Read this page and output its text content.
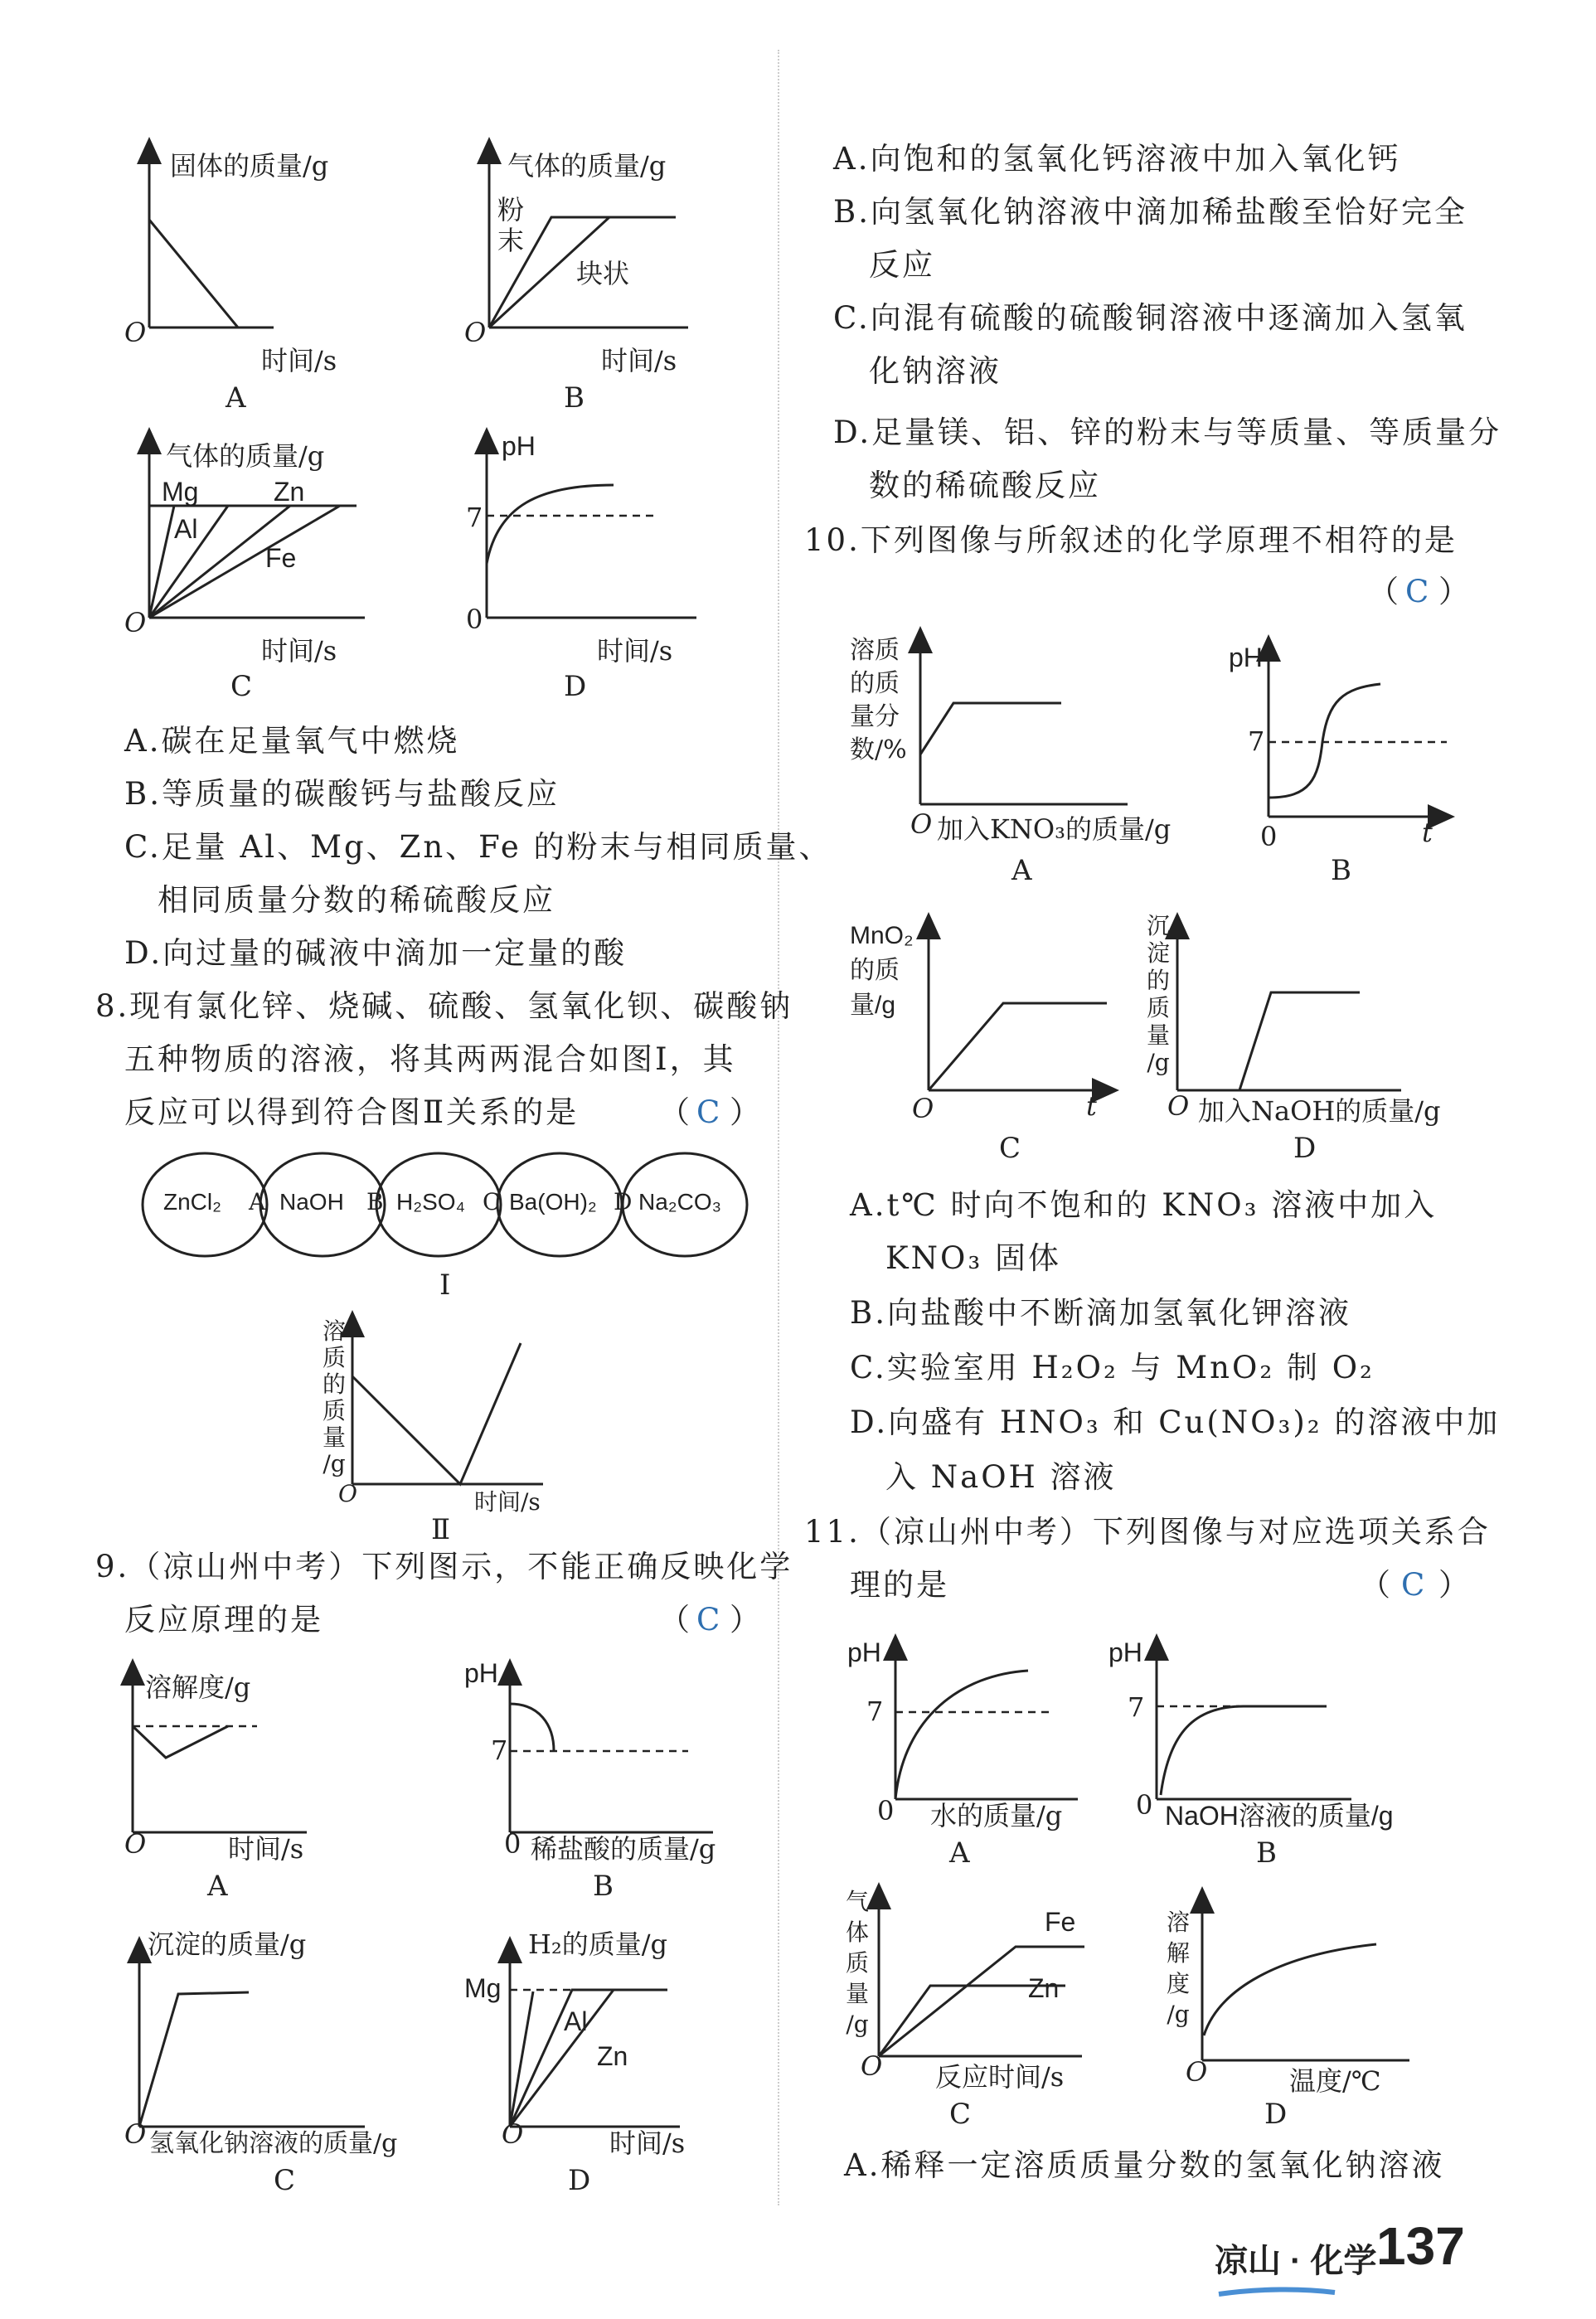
固体的质量/g
O
时间/s
A
气体的质量/g
粉
末
块状
O
时间/s
B
气体的质量/g
Mg	Zn
Al
Fe
O
时间/s
C
pH
7
0
时间/s
D
A.碳在足量氧气中燃烧
B.等质量的碳酸钙与盐酸反应
C.足量 Al、Mg、Zn、Fe 的粉末与相同质量、
相同质量分数的稀硫酸反应
D.向过量的碱液中滴加一定量的酸
8.现有氯化锌、烧碱、硫酸、氢氧化钡、碳酸钠
五种物质的溶液，将其两两混合如图Ⅰ，其
反应可以得到符合图Ⅱ关系的是	（ C ）
ZnCl₂	NaOH H₂SO₄ Ba(OH)₂ Na₂CO₃
A	B	C	D
Ⅰ
溶
质
的
质
量
/g
O	时间/s
Ⅱ
9.（凉山州中考）下列图示，不能正确反映化学
反应原理的是	（ C ）
溶解度/g
O	时间/s
A
pH
7
0 稀盐酸的质量/g
B
沉淀的质量/g
O 氢氧化钠溶液的质量/g
C
H₂的质量/g
Mg
Al
Zn
O	时间/s
D
A.向饱和的氢氧化钙溶液中加入氧化钙
B.向氢氧化钠溶液中滴加稀盐酸至恰好完全
反应
C.向混有硫酸的硫酸铜溶液中逐滴加入氢氧
化钠溶液
D.足量镁、铝、锌的粉末与等质量、等质量分
数的稀硫酸反应
10.下列图像与所叙述的化学原理不相符的是
（ C ）
溶质
的质
量分
数/%
O 加入KNO₃的质量/g
A
pH
7
0	t
B
MnO₂
的质
量/g
O	t
C
沉
淀
的
质
量
/g
O 加入NaOH的质量/g
D
A.t℃ 时向不饱和的 KNO₃ 溶液中加入
KNO₃ 固体
B.向盐酸中不断滴加氢氧化钾溶液
C.实验室用 H₂O₂ 与 MnO₂ 制 O₂
D.向盛有 HNO₃ 和 Cu(NO₃)₂ 的溶液中加
入 NaOH 溶液
11.（凉山州中考）下列图像与对应选项关系合
理的是	（ C ）
pH
7
0 水的质量/g
A
pH
7
0 NaOH溶液的质量/g
B
气
体
质
量
/g
Fe
Zn
O 反应时间/s
C
溶
解
度
/g
O	温度/℃
D
A.稀释一定溶质质量分数的氢氧化钠溶液
凉山 · 化学 137
